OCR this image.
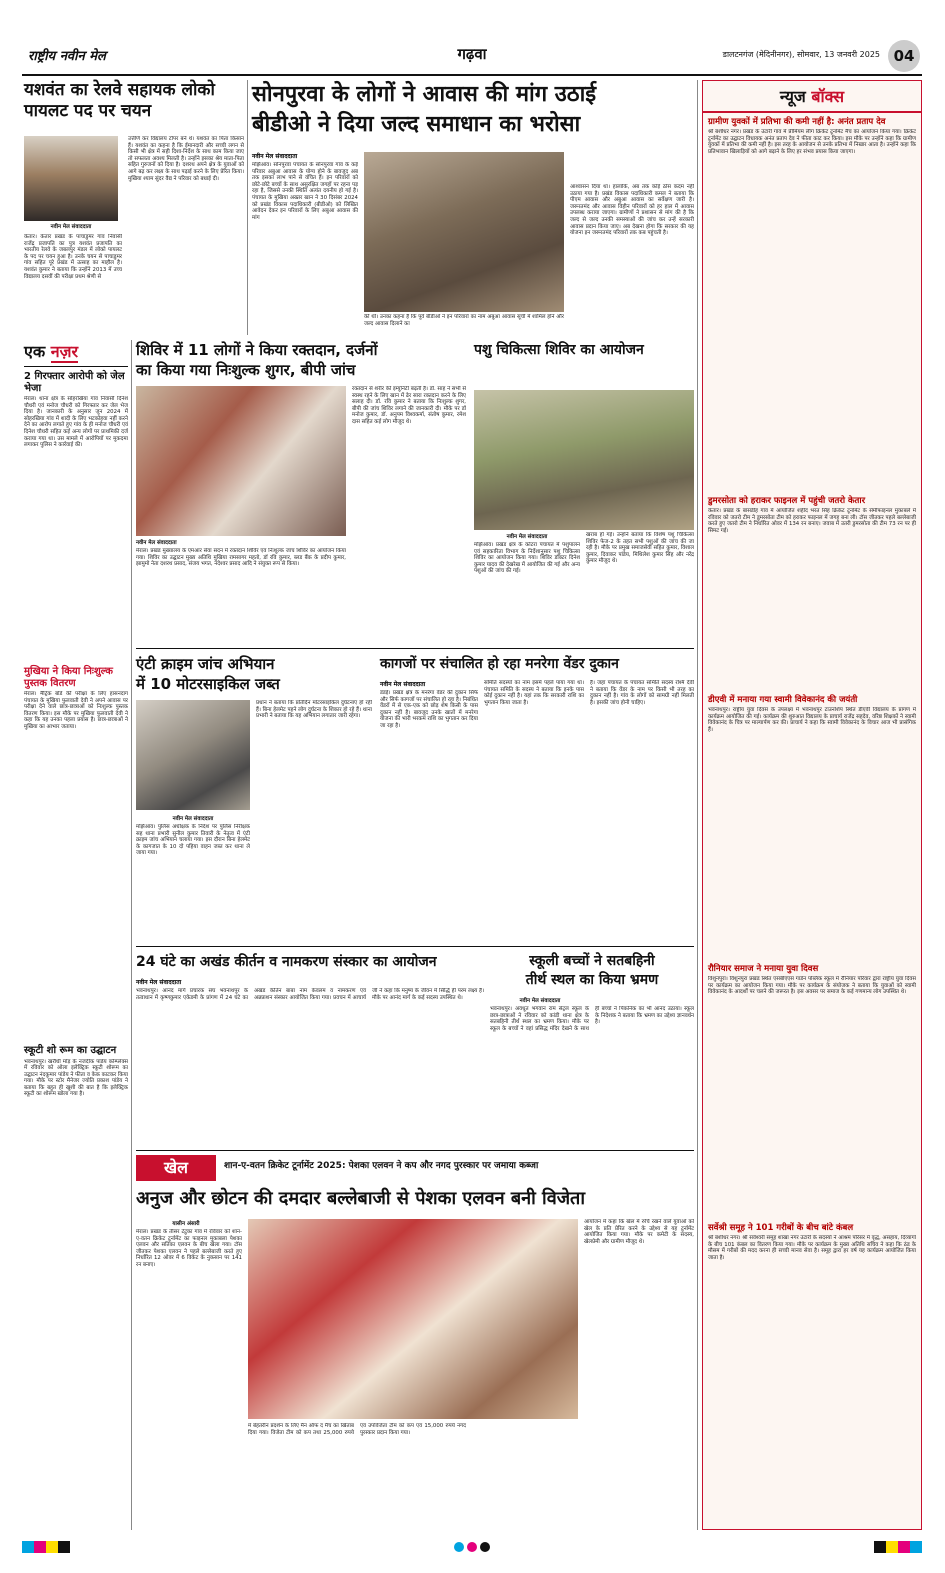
राष्ट्रीय नवीन मेल	गढ़वा	डालटनगंज (मेदिनीनगर), सोमवार, 13 जनवरी 2025 04
यशवंत का रेलवे सहायक लोको पायलट पद पर चयन
नवीन मेल संवाददाता
केतार। केतार प्रखंड के पाचाडुमर गांव निवासी राजेंद्र प्रजापति का पुत्र यशवंत प्रजापति का भारतीय रेलवे के जबलपुर मंडल में लोको पायलट के पद पर चयन हुआ है। उनके चयन से पाचाडुमर गांव सहित पूरे प्रखंड में उत्साह का माहौल है। यशवंत कुमार ने बताया कि उन्होंने 2013 में उच्च विद्यालय दसवीं की परीक्षा प्रथम श्रेणी से
उत्तीर्ण कर विद्यालय टॉपर बने थे। यशवंत का पिता किसान हैं। यशवंत का कहना है कि ईमानदारी और सच्ची लगन से किसी भी क्षेत्र में सही दिशा-निर्देश के साथ काम किया जाए तो सफलता अवश्य मिलती है। उन्होंने इसका श्रेय माता-पिता सहित गुरुजनों को दिया है। दशरथ अपने क्षेत्र के युवाओं को आगे बढ़ कर लक्ष्य के साथ पढ़ाई करने के लिए प्रेरित किया। मुखिया श्याम सुंदर वैद्य ने परिवार को बधाई दी।
सोनपुरवा के लोगों ने आवास की मांग उठाई
बीडीओ ने दिया जल्द समाधान का भरोसा
नवीन मेल संवाददाता
मझिआंव। सोनपुरवा पंचायत के सोनपुरवा गांव के कई परिवार अबुआ आवास के योग्य होने के बावजूद अब तक इसका लाभ पाने से वंचित हैं। इन परिवारों को छोटे-छोटे बच्चों के साथ असुरक्षित जगहों पर रहना पड़ रहा है, जिससे उनकी स्थिति अत्यंत दयनीय हो गई है। पंचायत के मुखिया अख्तर खान ने 30 दिसंबर 2024 को प्रखंड विकास पदाधिकारी (बीडीओ) को लिखित आवेदन देकर इन परिवारों के लिए अबुआ आवास की मांग
की थी। उनका कहना है कि पूर्व बीडीओ ने इन परिवारों का नाम अबुआ आवास सूची में शामिल होने और जल्द आवास दिलाने का
आश्वासन दिया था। हालांकि, अब तक कोई ठोस कदम नहीं उठाया गया है। प्रखंड विकास पदाधिकारी कमल ने बताया कि पीएम आवास और अबुआ आवास का सर्वेक्षण जारी है। जरूरतमंद और आवास विहीन परिवारों को हर हाल में आवास उपलब्ध कराया जाएगा। ग्रामीणों ने प्रशासन से मांग की है कि जल्द से जल्द उनकी समस्याओं की जांच कर उन्हें सरकारी आवास प्रदान किया जाए। अब देखना होगा कि सरकार की यह योजना इन जरूरतमंद परिवारों तक कब पहुंचती है।
एक नज़र
2 गिरफ्तार आरोपी को जेल भेजा
मेराल। थाना क्षेत्र के सोहरखिया गांव निवासी दिनेश चौधरी एवं मनोज चौधरी को गिरफ्तार कर जेल भेज दिया है। जानकारी के अनुसार जून 2024 में सोहरखिया गांव में शादी के लिए भटकोहवा नहीं करने देने का आरोप लगाते हुए गांव के ही मनोज चौधरी एवं दिनेश चौधरी सहित कई अन्य लोगों पर प्राथमिकी दर्ज कराया गया था। उस मामले में आरोपियों पर मुकदमा लगाकर पुलिस ने कार्रवाई की।
मुखिया ने किया निःशुल्क पुस्तक वितरण
मेराल। मैट्रिक बोर्ड की परीक्षा के लिए हासनदाग पंचायत के मुखिया फुलवाती देवी ने अपने आवास पर परीक्षा देने वाले छात्र-छात्राओं को निःशुल्क पुस्तक वितरण किया। इस मौके पर मुखिया फुलवाती देवी ने कहा कि यह उनका पहला प्रयास है। छात्र-छात्राओं ने मुखिया का आभार जताया।
स्कूटी शो रूम का उद्घाटन
भवनाथपुर। खरौंधी मोड़ के नजदीक पांडेय कॉम्प्लेक्स में रविवार को ओला इलेक्ट्रिक स्कूटी शोरूम का उद्घाटन नंदकुमार पांडेय ने फीता व केक काटकर किया गया। मौके पर स्टोर मैनेजर ज्योति प्रकाश पांडेय ने बताया कि बहुत ही खुशी की बात है कि इलेक्ट्रिक स्कूटी का शोरूम खोला गया है।
शिविर में 11 लोगों ने किया रक्तदान, दर्जनों
का किया गया निःशुल्क शुगर, बीपी जांच
नवीन मेल संवाददाता
मेराल। प्रखंड मुख्यालय के एमआर सेवा सदन में रक्तदान शिविर एवं निःशुल्क जांच शिविर का आयोजन किया गया। शिविर का उद्घाटन मुख्य अतिथि मुखिया रामसागर महतो, डॉ रवि कुमार, ब्लड बैंक के प्रदीप कुमार, झामुमो नेता दशरथ प्रसाद, संजय भगत, नंदेश्वर प्रसाद आदि ने संयुक्त रूप से किया।
रक्तदान से शरीर की इम्युनिटी बढ़ती है। डॉ. साह ने सभी से स्वस्थ रहने के लिए खान में ढेर सारा रक्तदान करने के लिए सलाह दी। डॉ. रवि कुमार ने बताया कि निःशुल्क शुगर, बीपी की जांच शिविर लगाने की जानकारी दी। मौके पर डॉ मनोज कुमार, डॉ. अनुपम विश्वकर्मा, संतोष कुमार, रमेश दास सहित कई लोग मौजूद थे।
पशु चिकित्सा शिविर का आयोजन
नवीन मेल संवाददाता
मझिआंव। प्रखंड क्षेत्र के कोटरा पंचायत में पशुपालन एवं सहकारिता विभाग के निर्देशानुसार पशु चिकित्सा शिविर का आयोजन किया गया। शिविर डॉक्टर दिनेश कुमार यादव की देखरेख में आयोजित की गई और अन्य पशुओं की जांच की गई।
खराब हो गई। उन्होंने बताया कि विशेष पशु चिकित्सा शिविर फेज-2 के तहत सभी पशुओं की जांच की जा रही है। मौके पर प्रमुख समाजसेवी सहित कुमार, विशाल कुमार, दिवाकर पांडेय, मिथिलेश कुमार सिंह और नरेंद्र कुमार मौजूद थे।
एंटी क्राइम जांच अभियान
में 10 मोटरसाइकिल जब्त
नवीन मेल संवाददाता
मझिआंव। पुलिस अधीक्षक के निर्देश पर पुलिस निरीक्षक सह थाना प्रभारी सुनील कुमार तिवारी के नेतृत्व में एंटी क्राइम जांच अभियान चलाया गया। इस दौरान बिना हेलमेट के कागजात के 10 दो पहिया वाहन जब्त कर थाना ले जाया गया।
प्रधान ने बताया कि प्रतिदिन मोटरसाइकिल दुर्घटनाएं हो रही हैं। बिना हेलमेट पहने लोग दुर्घटना के शिकार हो रहे हैं। थाना प्रभारी ने बताया कि यह अभियान लगातार जारी रहेगा।
कागजों पर संचालित हो रहा मनरेगा वेंडर दुकान
नवीन मेल संवाददाता
डंडई। प्रखंड क्षेत्र के मनरेगा वेंडर की दुकान सिर्फ और सिर्फ कागजों पर संचालित हो रहा है। निबंधित वेंडरों में से एक-एक को छोड़ शेष किसी के पास दुकान नहीं है। बावजूद उनके खातों में मनरेगा योजना की भारी भरकम राशि का भुगतान कर दिया जा रहा है।
समिति सदस्यों का नाम इसमें पहले पाया गया था। पंचायत समिति के सदस्य ने बताया कि इनके पास कोई दुकान नहीं है। यहां तक कि सरकारी राशि का भुगतान किया जाता है।
है। जहां पंचायत के पंचायत समिति सदस्य रश्मि देवी ने बताया कि वेंडर के नाम पर किसी भी तरह का दुकान नहीं है। गांव के लोगों को सामग्री नहीं मिलती है। इसकी जांच होनी चाहिए।
24 घंटे का अखंड कीर्तन व नामकरण संस्कार का आयोजन
नवीन मेल संवाददाता
भवनाथपुर। आनंद मार्ग प्रचारक संघ भवनाथपुर के तत्वाधान में कृष्णकुमार एकेडमी के प्रांगण में 24 घंटे का अखंड कीर्तन बाबा नाम केवलम व नामकरण एवं अन्नप्राशन संस्कार आयोजित किया गया। प्रवचन में आचार्य जी ने कहा कि मनुष्य के जीवन में सिद्धि ही परम लक्ष्य है। मौके पर आनंद मार्ग के कई सदस्य उपस्थित थे।
स्कूली बच्चों ने सतबहिनी
तीर्थ स्थल का किया भ्रमण
नवीन मेल संवाददाता
भवनाथपुर। अवधूत भगवान राम सेंट्रल स्कूल के छात्र-छात्राओं ने रविवार को कांडी थाना क्षेत्र के सतबहिनी तीर्थ स्थल का भ्रमण किया। मौके पर स्कूल के बच्चों ने वहां प्रसिद्ध मंदिर देखने के साथ ही बच्चों ने पिकनिक का भी आनंद उठाया। स्कूल के निदेशक ने बताया कि भ्रमण का उद्देश्य ज्ञानवर्धन है।
खेल	शान-ए-वतन क्रिकेट टूर्नामेंट 2025: पेशका एलवन ने कप और नगद पुरस्कार पर जमाया कब्जा
अनुज और छोटन की दमदार बल्लेबाजी से पेशका एलवन बनी विजेता
यासीन अंसारी
मेराल। प्रखंड के तीसर टेटुका गांव में रविवार को शान-ए-वतन क्रिकेट टूर्नामेंट का फाइनल मुकाबला पेशका एलवन और सतिका एलवन के बीच खेला गया। टॉस जीतकर पेशका एलवन ने पहले बल्लेबाजी करते हुए निर्धारित 12 ओवर में 6 विकेट के नुकसान पर 141 रन बनाए।
में बेहतरीन प्रदर्शन के लिए मैन ऑफ द मैच का खिताब दिया गया। विजेता टीम को कप तथा 25,000 रुपये एवं उपविजेता टीम को कप एवं 15,000 रुपये नगद पुरस्कार प्रदान किया गया।
आयोजन में कहा कि खेल में रुचि रखने वाले युवाओं को खेल के प्रति प्रेरित करने के उद्देश्य से यह टूर्नामेंट आयोजित किया गया। मौके पर कमेटी के सदस्य, खेलप्रेमी और ग्रामीण मौजूद थे।
न्यूज बॉक्स
ग्रामीण युवकों में प्रतिभा की कमी नहीं है: अनंत प्रताप देव
श्री बंशीधर नगर। प्रखंड के उंटारी गांव में प्रीमियम लीग क्रिकेट टूर्नामेंट मैच का आयोजन किया गया। क्रिकेट टूर्नामेंट का उद्घाटन विधायक अनंत प्रताप देव ने फीता काट कर किया। इस मौके पर उन्होंने कहा कि ग्रामीण युवकों में प्रतिभा की कमी नहीं है। इस तरह के आयोजन से उनके प्रतिभा में निखार आता है। उन्होंने कहा कि प्रतिभावान खिलाड़ियों को आगे बढ़ाने के लिए हर संभव प्रयास किया जाएगा।
डुमरसोता को हराकर फाइनल में पहुंची जतरो केतार
केतार। प्रखंड के बांसडीह गांव में आयोजित शहीद भरत सिंह क्रिकेट टूर्नामेंट के सेमीफाइनल मुकाबले में रविवार को जतरो टीम ने डुमरसोता टीम को हराकर फाइनल में जगह बना ली। टॉस जीतकर पहले बल्लेबाजी करते हुए जतरो टीम ने निर्धारित ओवर में 134 रन बनाए। जवाब में उतरी डुमरसोता की टीम 73 रन पर ही सिमट गई।
डीएवी में मनाया गया स्वामी विवेकानंद की जयंती
भवनाथपुर। राष्ट्रीय युवा दिवस के उपलक्ष्य में भवनाथपुर टाउनशिप स्थित डीएवी विद्यालय के प्रांगण में कार्यक्रम आयोजित की गई। कार्यक्रम की शुरुआत विद्यालय के प्राचार्य राजेंद्र सहदेव, वरिष्ठ शिक्षकों ने स्वामी विवेकानंद के चित्र पर माल्यार्पण कर की। प्राचार्य ने कहा कि स्वामी विवेकानंद के विचार आज भी प्रासंगिक हैं।
रौनियार समाज ने मनाया युवा दिवस
विशुनपुरा। विशुनपुरा प्रखंड स्थित एसबीएएस गार्डन पब्लिक स्कूल में रौनियार परिवार द्वारा राष्ट्रीय युवा दिवस पर कार्यक्रम का आयोजन किया गया। मौके पर कार्यक्रम के संयोजक ने बताया कि युवाओं को स्वामी विवेकानंद के आदर्शों पर चलने की जरूरत है। इस अवसर पर समाज के कई गणमान्य लोग उपस्थित थे।
सर्वेश्री समूह ने 101 गरीबों के बीच बांटे कंबल
श्री बंशीधर नगर। श्री सर्वेश्वरी समूह शाखा नगर उंटारी के सदस्यों ने आश्रम परिसर में वृद्ध, असहाय, दिव्यांगों के बीच 101 कंबल का वितरण किया गया। मौके पर कार्यक्रम के मुख्य अतिथि सचिव ने कहा कि ठंड के मौसम में गरीबों की मदद करना ही सच्ची मानव सेवा है। समूह द्वारा हर वर्ष यह कार्यक्रम आयोजित किया जाता है।
